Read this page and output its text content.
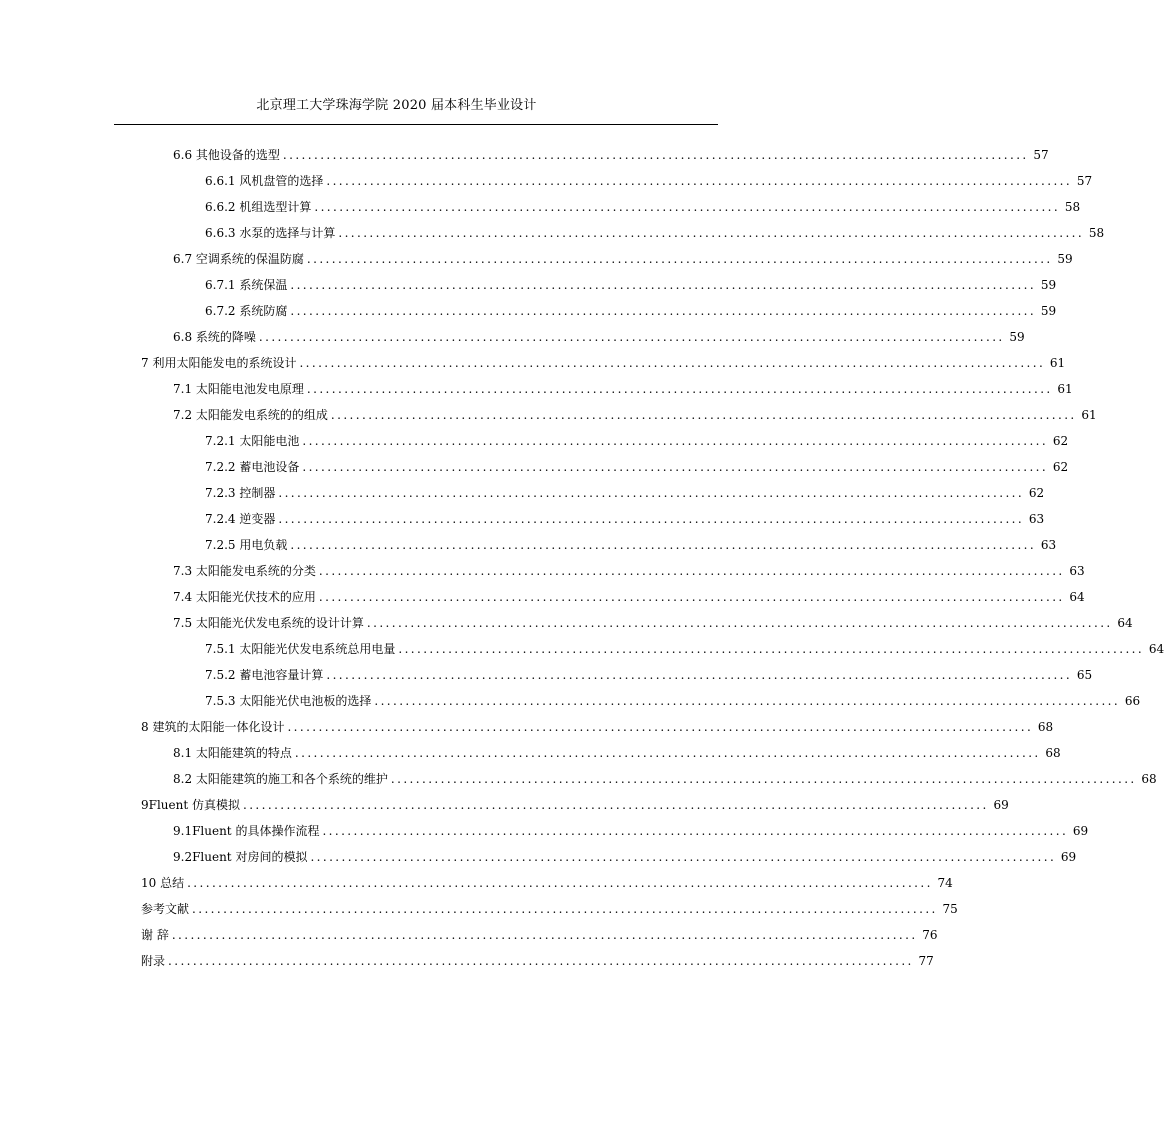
北京理工大学珠海学院 2020 届本科生毕业设计
6.6 其他设备的选型 ........................................................................................................................ 57
6.6.1 风机盘管的选择 ........................................................................................................................ 57
6.6.2 机组选型计算 ........................................................................................................................ 58
6.6.3 水泵的选择与计算 ........................................................................................................................ 58
6.7 空调系统的保温防腐 ........................................................................................................................ 59
6.7.1 系统保温 ........................................................................................................................ 59
6.7.2 系统防腐 ........................................................................................................................ 59
6.8 系统的降噪 ........................................................................................................................ 59
7 利用太阳能发电的系统设计 ........................................................................................................................ 61
7.1 太阳能电池发电原理 ........................................................................................................................ 61
7.2 太阳能发电系统的的组成 ........................................................................................................................ 61
7.2.1 太阳能电池 ........................................................................................................................ 62
7.2.2 蓄电池设备 ........................................................................................................................ 62
7.2.3 控制器 ........................................................................................................................ 62
7.2.4 逆变器 ........................................................................................................................ 63
7.2.5 用电负载 ........................................................................................................................ 63
7.3 太阳能发电系统的分类 ........................................................................................................................ 63
7.4 太阳能光伏技术的应用 ........................................................................................................................ 64
7.5 太阳能光伏发电系统的设计计算 ........................................................................................................................ 64
7.5.1 太阳能光伏发电系统总用电量 ........................................................................................................................ 64
7.5.2 蓄电池容量计算 ........................................................................................................................ 65
7.5.3 太阳能光伏电池板的选择 ........................................................................................................................ 66
8 建筑的太阳能一体化设计 ........................................................................................................................ 68
8.1 太阳能建筑的特点 ........................................................................................................................ 68
8.2 太阳能建筑的施工和各个系统的维护 ........................................................................................................................ 68
9Fluent 仿真模拟 ........................................................................................................................ 69
9.1Fluent 的具体操作流程 ........................................................................................................................ 69
9.2Fluent 对房间的模拟 ........................................................................................................................ 69
10 总结 ........................................................................................................................ 74
参考文献 ........................................................................................................................ 75
谢 辞 ........................................................................................................................ 76
附录 ........................................................................................................................ 77
